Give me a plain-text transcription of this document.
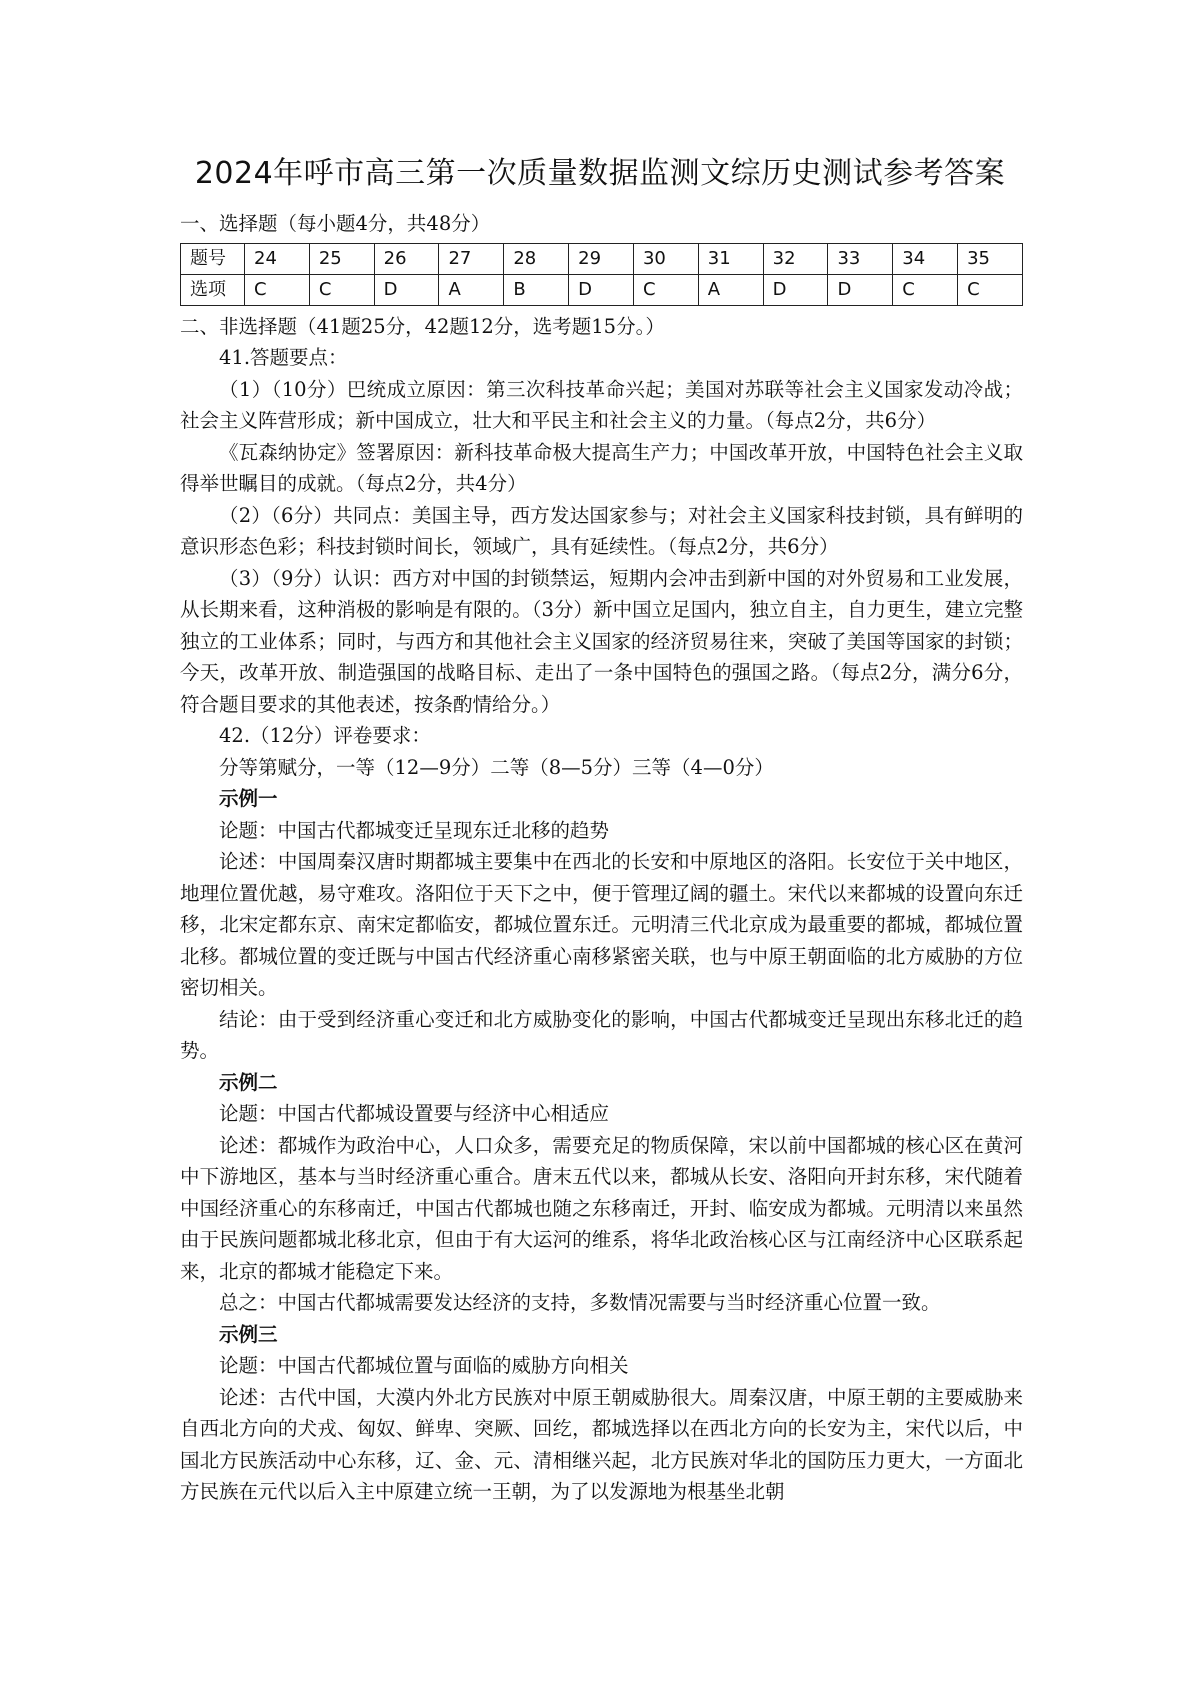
2024年呼市高三第一次质量数据监测文综历史测试参考答案

一、选择题（每小题4分，共48分）

题号	24	25	26	27	28	29	30	31	32	33	34	35
选项	C	C	D	A	B	D	C	A	D	D	C	C

二、非选择题（41题25分，42题12分，选考题15分。）

41.答题要点：

（1）（10分）巴统成立原因：第三次科技革命兴起；美国对苏联等社会主义国家发动冷战；社会主义阵营形成；新中国成立，壮大和平民主和社会主义的力量。（每点2分，共6分）

《瓦森纳协定》签署原因：新科技革命极大提高生产力；中国改革开放，中国特色社会主义取得举世瞩目的成就。（每点2分，共4分）

（2）（6分）共同点：美国主导，西方发达国家参与；对社会主义国家科技封锁，具有鲜明的意识形态色彩；科技封锁时间长，领域广，具有延续性。（每点2分，共6分）

（3）（9分）认识：西方对中国的封锁禁运，短期内会冲击到新中国的对外贸易和工业发展，从长期来看，这种消极的影响是有限的。（3分）新中国立足国内，独立自主，自力更生，建立完整独立的工业体系；同时，与西方和其他社会主义国家的经济贸易往来，突破了美国等国家的封锁；今天，改革开放、制造强国的战略目标、走出了一条中国特色的强国之路。（每点2分，满分6分，符合题目要求的其他表述，按条酌情给分。）

42.（12分）评卷要求：

分等第赋分，一等（12—9分）二等（8—5分）三等（4—0分）

示例一

论题：中国古代都城变迁呈现东迁北移的趋势

论述：中国周秦汉唐时期都城主要集中在西北的长安和中原地区的洛阳。长安位于关中地区，地理位置优越，易守难攻。洛阳位于天下之中，便于管理辽阔的疆土。宋代以来都城的设置向东迁移，北宋定都东京、南宋定都临安，都城位置东迁。元明清三代北京成为最重要的都城，都城位置北移。都城位置的变迁既与中国古代经济重心南移紧密关联，也与中原王朝面临的北方威胁的方位密切相关。

结论：由于受到经济重心变迁和北方威胁变化的影响，中国古代都城变迁呈现出东移北迁的趋势。

示例二

论题：中国古代都城设置要与经济中心相适应

论述：都城作为政治中心，人口众多，需要充足的物质保障，宋以前中国都城的核心区在黄河中下游地区，基本与当时经济重心重合。唐末五代以来，都城从长安、洛阳向开封东移，宋代随着中国经济重心的东移南迁，中国古代都城也随之东移南迁，开封、临安成为都城。元明清以来虽然由于民族问题都城北移北京，但由于有大运河的维系，将华北政治核心区与江南经济中心区联系起来，北京的都城才能稳定下来。

总之：中国古代都城需要发达经济的支持，多数情况需要与当时经济重心位置一致。

示例三

论题：中国古代都城位置与面临的威胁方向相关

论述：古代中国，大漠内外北方民族对中原王朝威胁很大。周秦汉唐，中原王朝的主要威胁来自西北方向的犬戎、匈奴、鲜卑、突厥、回纥，都城选择以在西北方向的长安为主，宋代以后，中国北方民族活动中心东移，辽、金、元、清相继兴起，北方民族对华北的国防压力更大，一方面北方民族在元代以后入主中原建立统一王朝，为了以发源地为根基坐北朝
